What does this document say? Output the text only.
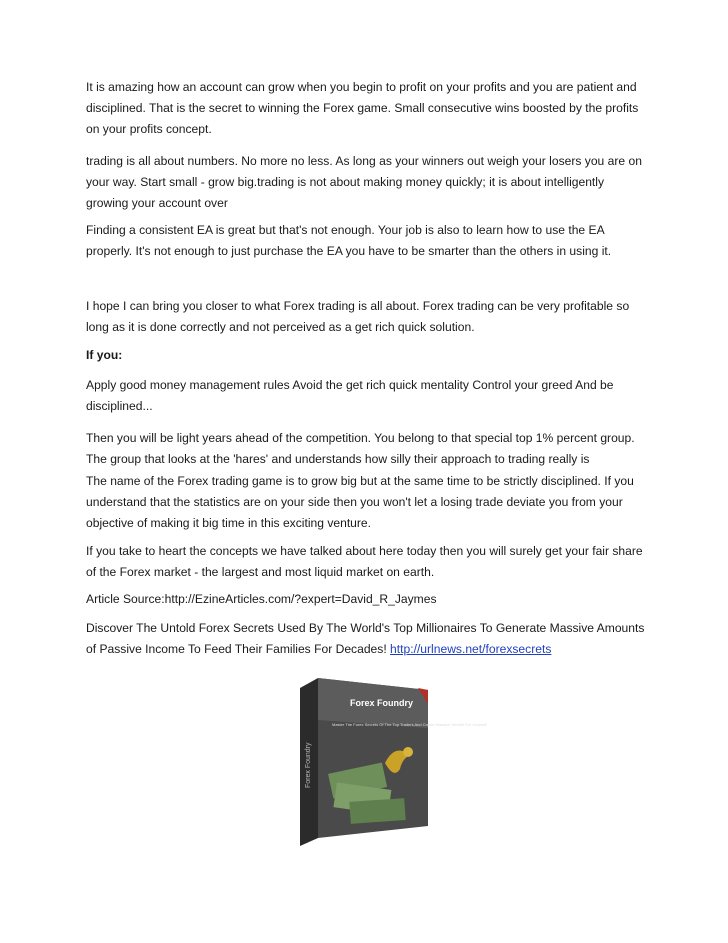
It is amazing how an account can grow when you begin to profit on your profits and you are patient and disciplined. That is the secret to winning the Forex game. Small consecutive wins boosted by the profits on your profits concept.

trading is all about numbers. No more no less. As long as your winners out weigh your losers you are on your way. Start small - grow big.trading is not about making money quickly; it is about intelligently growing your account over

Finding a consistent EA is great but that's not enough. Your job is also to learn how to use the EA properly. It's not enough to just purchase the EA you have to be smarter than the others in using it.

I hope I can bring you closer to what Forex trading is all about. Forex trading can be very profitable so long as it is done correctly and not perceived as a get rich quick solution.

If you:

Apply good money management rules Avoid the get rich quick mentality Control your greed And be disciplined...

Then you will be light years ahead of the competition. You belong to that special top 1% percent group. The group that looks at the 'hares' and understands how silly their approach to trading really is

The name of the Forex trading game is to grow big but at the same time to be strictly disciplined. If you understand that the statistics are on your side then you won't let a losing trade deviate you from your objective of making it big time in this exciting venture.

If you take to heart the concepts we have talked about here today then you will surely get your fair share of the Forex market - the largest and most liquid market on earth.

Article Source:http://EzineArticles.com/?expert=David_R_Jaymes

Discover The Untold Forex Secrets Used By The World's Top Millionaires To Generate Massive Amounts of Passive Income To Feed Their Families For Decades! http://urlnews.net/forexsecrets

Forex Foundry
Master The Forex Secrets Of The Top Traders And Create Massive Wealth For Yourself
Forex Foundry
